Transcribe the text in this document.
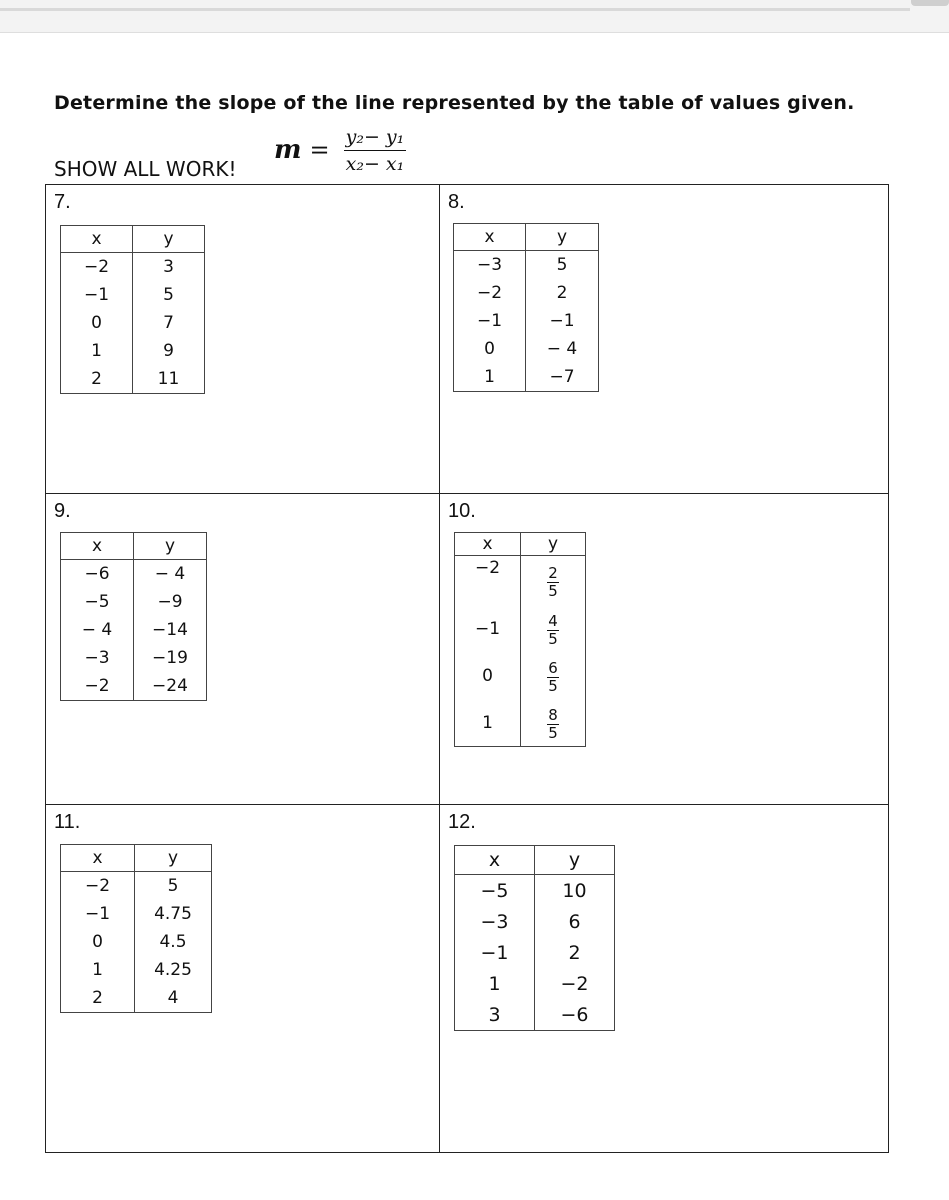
Determine the slope of the line represented by the table of values given.
$m = \frac{\text{y₂− y₁}}{\text{x₂− x₁}}$
SHOW ALL WORK!
7.
x	y
−2	3
−1	5
0	7
1	9
2	11
8.
x	y
−3	5
−2	2
−1	−1
0	− 4
1	−7
9.
x	y
−6	− 4
−5	−9
− 4	−14
−3	−19
−2	−24
10.
x	y
−2	$\frac{2}{5}$

−1	$\frac{4}{5}$

0	$\frac{6}{5}$

1	$\frac{8}{5}$
11.
x	y
−2	5
−1	4.75
0	4.5
1	4.25
2	4
12.
x	y
−5	10
−3	6
−1	2
1	−2
3	−6
